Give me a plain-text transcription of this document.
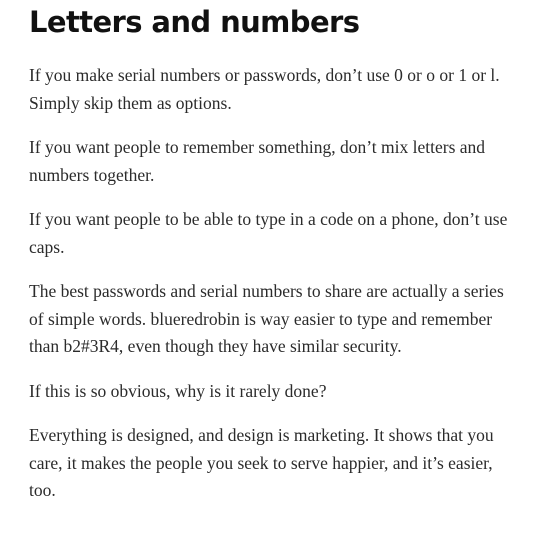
Letters and numbers

If you make serial numbers or passwords, don’t use 0 or o or 1 or l. Simply skip them as options.

If you want people to remember something, don’t mix letters and numbers together.

If you want people to be able to type in a code on a phone, don’t use caps.

The best passwords and serial numbers to share are actually a series of simple words. blueredrobin is way easier to type and remember than b2#3R4, even though they have similar security.

If this is so obvious, why is it rarely done?

Everything is designed, and design is marketing. It shows that you care, it makes the people you seek to serve happier, and it’s easier, too.
